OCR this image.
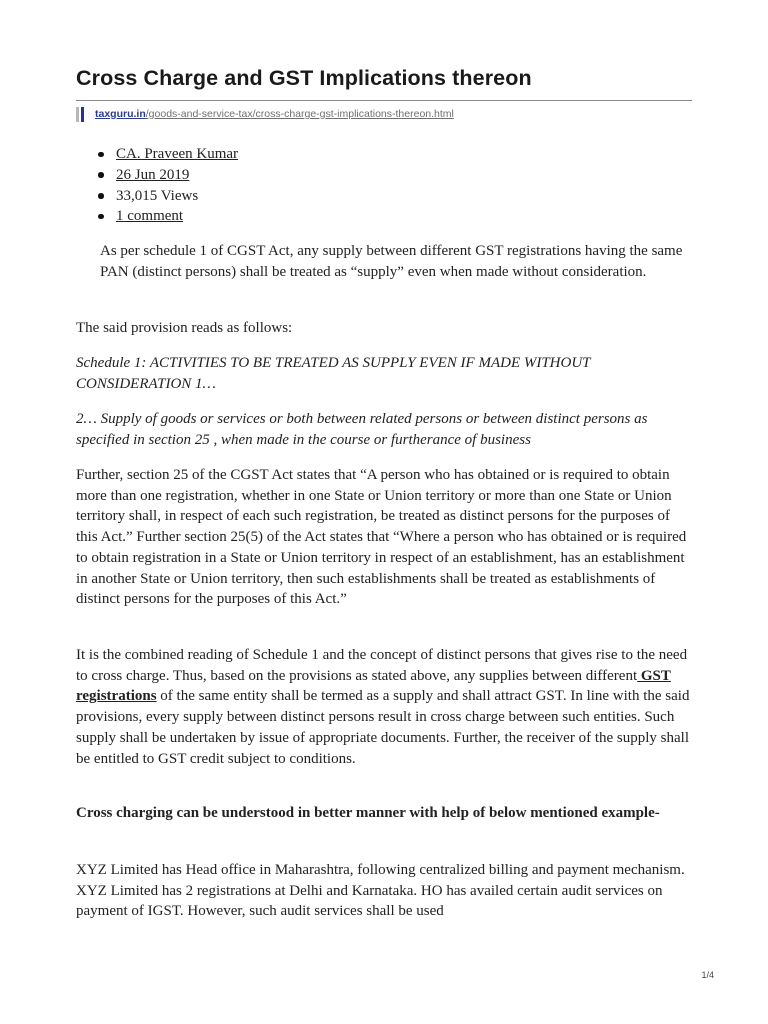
Cross Charge and GST Implications thereon
taxguru.in /goods-and-service-tax/cross-charge-gst-implications-thereon.html
CA. Praveen Kumar
26 Jun 2019
33,015 Views
1 comment

As per schedule 1 of CGST Act, any supply between different GST registrations having the same PAN (distinct persons) shall be treated as “supply” even when made without consideration.

The said provision reads as follows:

Schedule 1: ACTIVITIES TO BE TREATED AS SUPPLY EVEN IF MADE WITHOUT CONSIDERATION 1…

2… Supply of goods or services or both between related persons or between distinct persons as specified in section 25 , when made in the course or furtherance of business

Further, section 25 of the CGST Act states that “A person who has obtained or is required to obtain more than one registration, whether in one State or Union territory or more than one State or Union territory shall, in respect of each such registration, be treated as distinct persons for the purposes of this Act.” Further section 25(5) of the Act states that “Where a person who has obtained or is required to obtain registration in a State or Union territory in respect of an establishment, has an establishment in another State or Union territory, then such establishments shall be treated as establishments of distinct persons for the purposes of this Act.”

It is the combined reading of Schedule 1 and the concept of distinct persons that gives rise to the need to cross charge. Thus, based on the provisions as stated above, any supplies between different GST registrations of the same entity shall be termed as a supply and shall attract GST. In line with the said provisions, every supply between distinct persons result in cross charge between such entities. Such supply shall be undertaken by issue of appropriate documents. Further, the receiver of the supply shall be entitled to GST credit subject to conditions.

Cross charging can be understood in better manner with help of below mentioned example-

XYZ Limited has Head office in Maharashtra, following centralized billing and payment mechanism. XYZ Limited has 2 registrations at Delhi and Karnataka. HO has availed certain audit services on payment of IGST. However, such audit services shall be used

1/4
